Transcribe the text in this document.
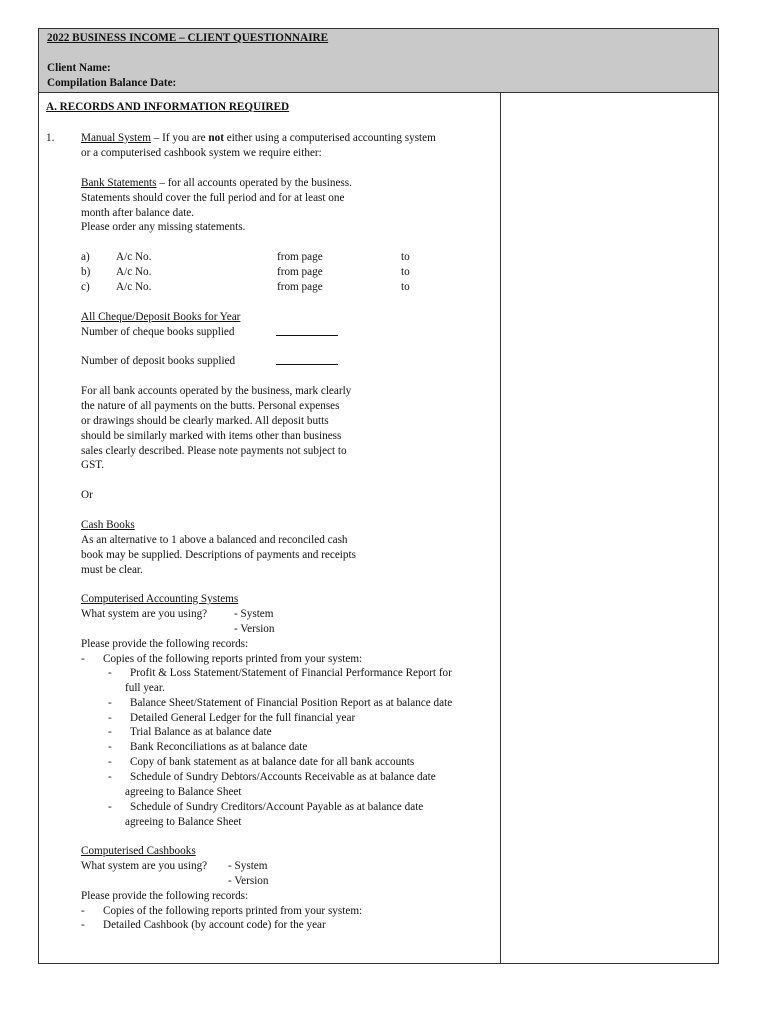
2022 BUSINESS INCOME – CLIENT QUESTIONNAIRE
Client Name:
Compilation Balance Date:
A. RECORDS AND INFORMATION REQUIRED
1. Manual System – If you are not either using a computerised accounting system
or a computerised cashbook system we require either:
Bank Statements – for all accounts operated by the business.
Statements should cover the full period and for at least one
month after balance date.
Please order any missing statements.
a) A/c No.	from page	to
b) A/c No.	from page	to
c) A/c No.	from page	to
All Cheque/Deposit Books for Year
Number of cheque books supplied
Number of deposit books supplied
For all bank accounts operated by the business, mark clearly
the nature of all payments on the butts. Personal expenses
or drawings should be clearly marked. All deposit butts
should be similarly marked with items other than business
sales clearly described. Please note payments not subject to
GST.
Or
Cash Books
As an alternative to 1 above a balanced and reconciled cash
book may be supplied. Descriptions of payments and receipts
must be clear.
Computerised Accounting Systems
What system are you using? - System
- Version
Please provide the following records:
- Copies of the following reports printed from your system:
- Profit & Loss Statement/Statement of Financial Performance Report for
full year.
- Balance Sheet/Statement of Financial Position Report as at balance date
- Detailed General Ledger for the full financial year
- Trial Balance as at balance date
- Bank Reconciliations as at balance date
- Copy of bank statement as at balance date for all bank accounts
- Schedule of Sundry Debtors/Accounts Receivable as at balance date
agreeing to Balance Sheet
- Schedule of Sundry Creditors/Account Payable as at balance date
agreeing to Balance Sheet
Computerised Cashbooks
What system are you using? - System
- Version
Please provide the following records:
- Copies of the following reports printed from your system:
- Detailed Cashbook (by account code) for the year
